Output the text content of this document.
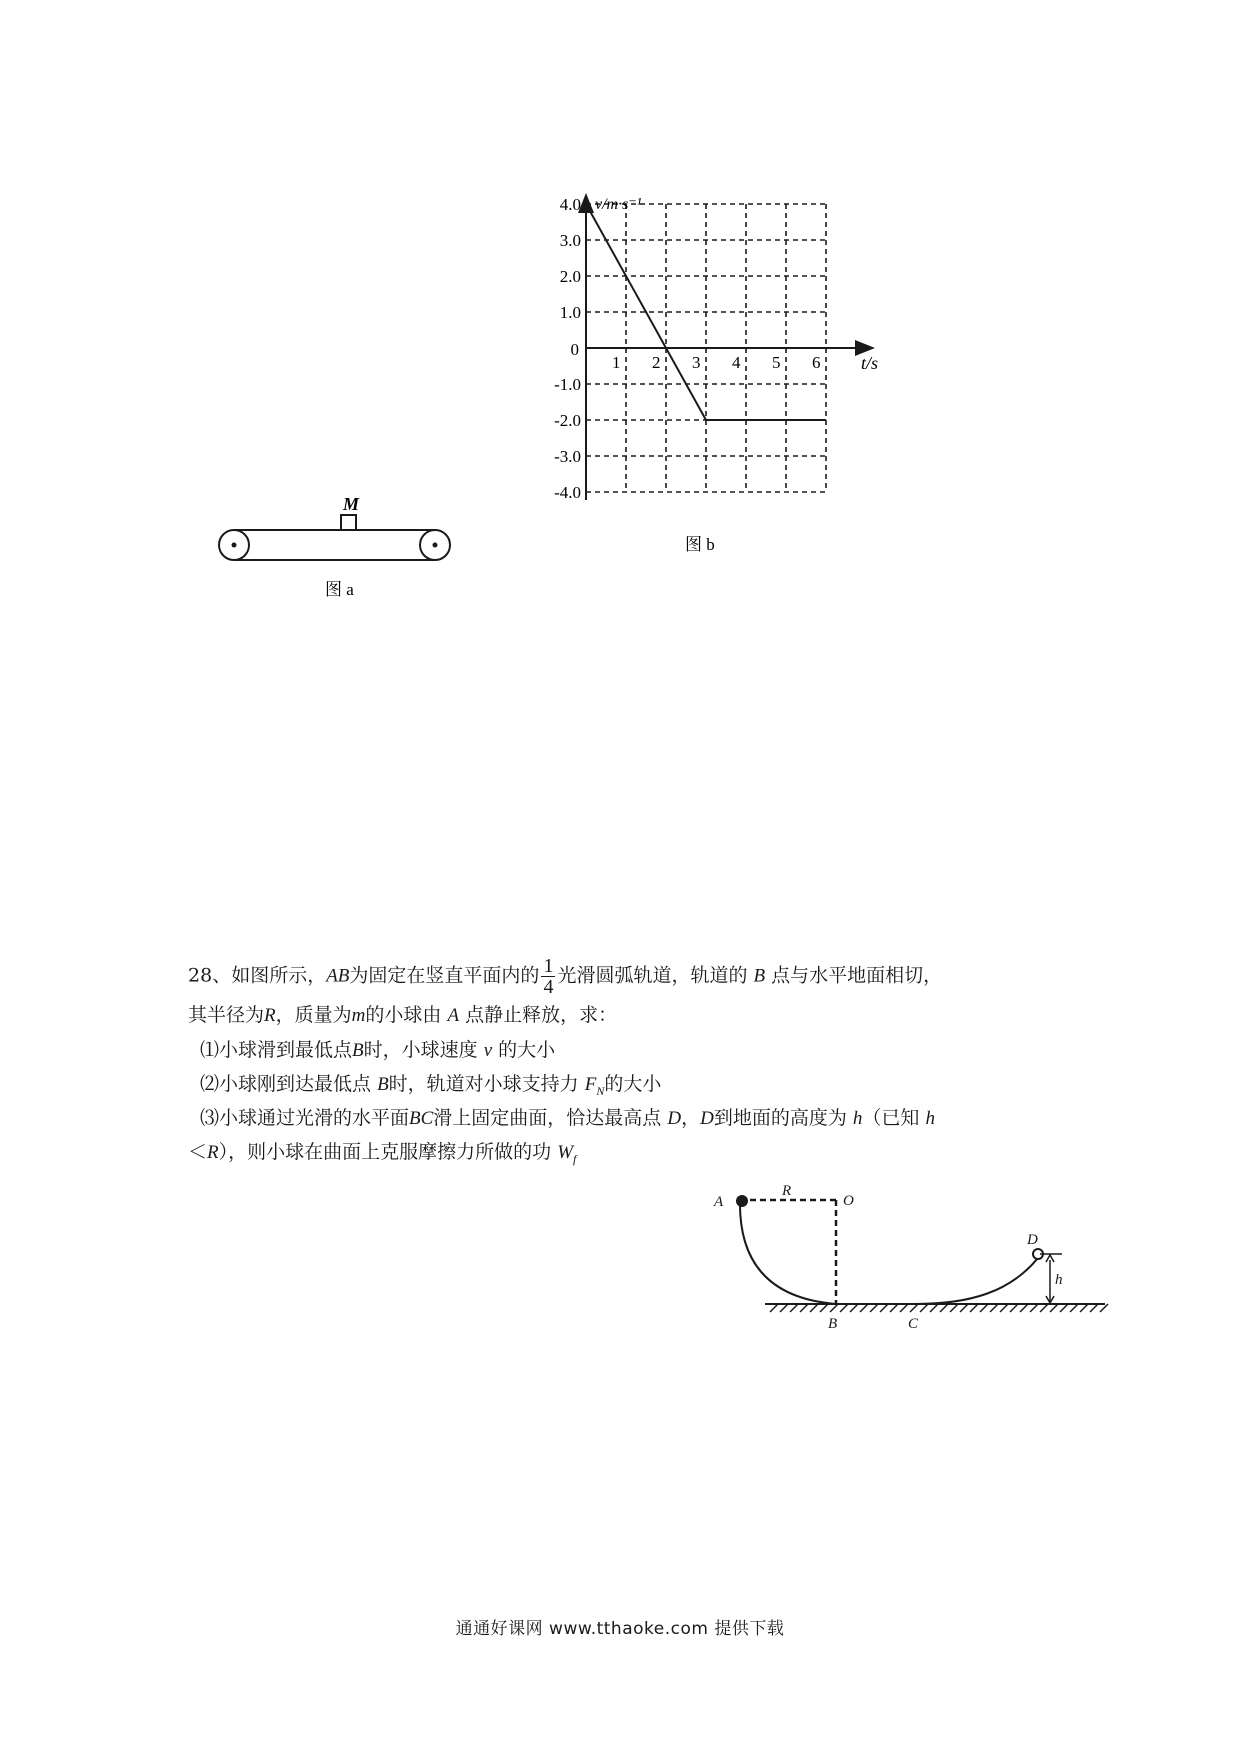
M
图 a
1 2 3 4 5 6
4.0
3.0
2.0
1.0
-1.0
-2.0
-3.0
-4.0
0
v/m·s⁻¹
t/s
图 b
28、如图所示，AB为固定在竖直平面内的 $\frac{1}{4}$ 光滑圆弧轨道，轨道的 B 点与水平地面相切，
其半径为R，质量为m的小球由 A 点静止释放，求：
⑴小球滑到最低点B时，小球速度 v 的大小
⑵小球刚到达最低点 B时，轨道对小球支持力 $F_N$的大小
⑶小球通过光滑的水平面BC滑上固定曲面，恰达最高点 D，D到地面的高度为 h（已知 h
＜R），则小球在曲面上克服摩擦力所做的功 $W_f$
A
R
O
B	C
D
h
通通好课网 www.tthaoke.com 提供下载
